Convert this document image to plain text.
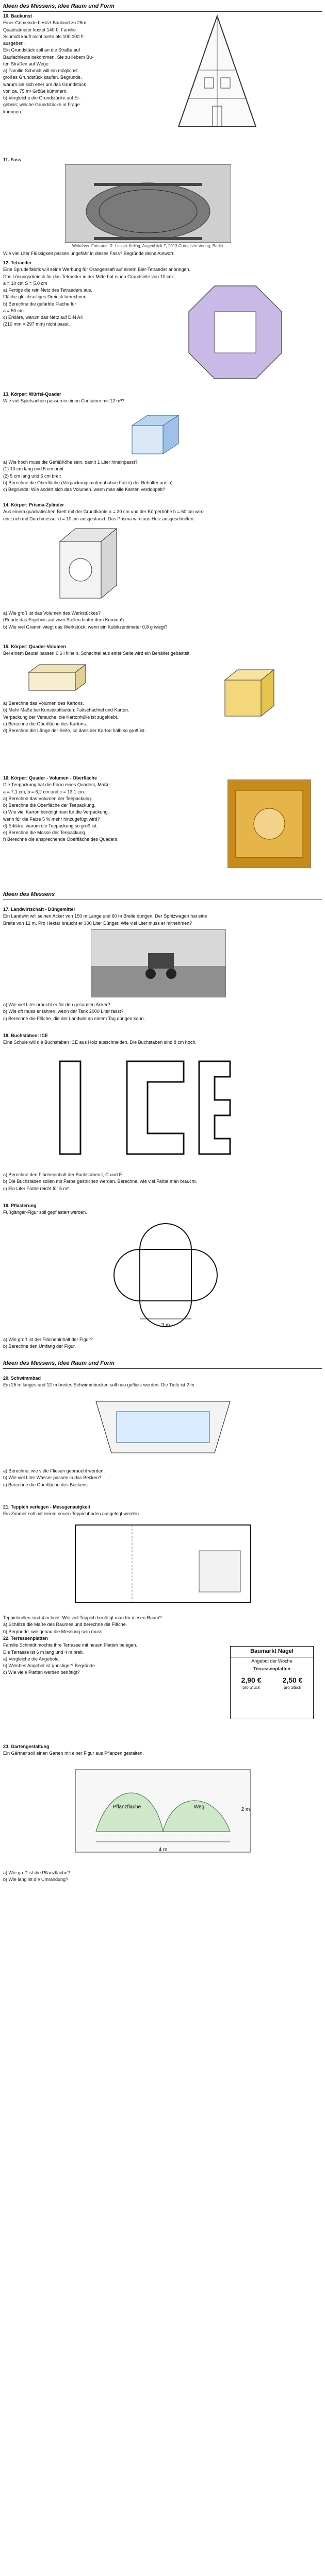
Ideen des Messens, Idee Raum und Form
10. Baukunst
Einer Gemeinde besitzt Bauland zu 25m
Quadratmeter kostet 140 €. Familie
Schmidt kauft nicht mehr als 100 000 €
ausgeben.
Ein Grundstück soll an die Straße auf
Baufachleute bekommen. Sie zu liebem Bu-
ten Straßen auf Wege.
a) Familie Schmidt will ein möglichst
großes Grundstück kaufen. Begründe,
warum sie sich eher um das Grundstück
von ca. 75 m² Größe kümmern.
b) Vergleiche die Grundstücke auf Er-
gebnis; welche Grundstücke in Frage
kommen.
11. Fass
Weinfass. Foto aus: R. Lesser-Kellog, Augenblick 7, 2013 Cornelsen Verlag, Berlin
Wie viel Liter Flüssigkeit passen ungefähr in dieses Fass? Begründe deine Antwort.
12. Tetraeder
Eine Sprudelfabrik will seine Werbung für Orangensaft auf einem Bier-Tetraeder anbringen.
Das Lösungsdreieck für das Tetraeder in der Mitte hat einen Grundseite von 10 cm:
a = 10 cm S = 5,0 cm
a) Fertige die rein Netz des Tetraeders aus,
Fläche gleichseitiges Dreieck berechnen.
b) Berechne die gefärbte Fläche für
a = 50 cm.
c) Erkläre, warum das Netz auf DIN A4
(210 mm × 297 mm) nicht passt.
13. Körper: Würfel-Quader
Wie viel Spielsachen passen in einen Container mit 12 m³?
a) Wie hoch muss die Gefäßhöhe sein, damit 1 Liter hineinpasst?
(1) 10 cm lang und 5 cm breit
(2) 5 cm lang und 5 cm breit
b) Berechne die Oberfläche (Verpackungsmaterial ohne Falze) der Behälter aus a).
c) Begründe: Wie ändert sich das Volumen, wenn man alle Kanten verdoppelt?
14. Körper: Prisma-Zylinder
Aus einem quadratischen Brett mit der Grundkante a = 20 cm und der Körperhöhe h = 60 cm wird
ein Loch mit Durchmesser d = 10 cm ausgestanzt. Das Prisma wird aus Holz ausgeschnitten.
a) Wie groß ist das Volumen des Werkstückes?
(Runde das Ergebnis auf zwei Stellen hinter dem Komma!)
b) Wie viel Gramm wiegt das Werkstück, wenn ein Kubikzentimeter 0,8 g wiegt?
15. Körper: Quader-Volumen
Bei einem Beutel passen 0,6 l hinein. Schachtel aus einer Seite wird ein Behälter gebastelt.
a) Berechne das Volumen des Kartons.
b) Mehr Maße bei Kunststoffseiten: Faltschachtel und Karton.
Verpackung der Versuche, die Kartonhülle ist zugeklebt.
c) Berechne die Oberfläche des Kartons.
d) Berechne die Länge der Seite, so dass der Karton halb so groß ist.
16. Körper: Quader - Volumen - Oberfläche
Die Teepackung hat die Form eines Quaders, Maße:
a = 7,1 cm, b = 6,2 cm und c = 13,1 cm.
a) Berechne das Volumen der Teepackung.
b) Berechne die Oberfläche der Teepackung.
c) Wie viel Karton benötigt man für die Verpackung,
wenn für die Falze 5 % mehr hinzugefügt wird?
d) Erkläre, warum die Teepackung so groß ist.
e) Berechne die Masse der Teepackung.
f) Berechne die ansprechende Oberfläche des Quaders.
Ideen des Messens
17. Landwirtschaft - Düngemittel
Ein Landwirt will seinen Acker von 150 m Länge und 60 m Breite düngen. Der Spritzwagen hat eine
Breite von 12 m. Pro Hektar braucht er 300 Liter Dünger. Wie viel Liter muss er mitnehmen?
a) Wie viel Liter braucht er für den gesamten Acker?
b) Wie oft muss er fahren, wenn der Tank 2000 Liter fasst?
c) Berechne die Fläche, die der Landwirt an einem Tag düngen kann.
18. Buchstaben: ICE
Eine Schule will die Buchstaben ICE aus Holz ausschneiden. Die Buchstaben sind 8 cm hoch.
a) Berechne den Flächeninhalt der Buchstaben I, C und E.
b) Die Buchstaben sollen mit Farbe gestrichen werden. Berechne, wie viel Farbe man braucht.
c) Ein Liter Farbe reicht für 5 m².
19. Pflasterung
Fußgänger-Figur soll gepflastert werden.
3 m
a) Wie groß ist der Flächeninhalt der Figur?
b) Berechne den Umfang der Figur.
Ideen des Messens, Idee Raum und Form
20. Schwimmbad
Ein 25 m langes und 12 m breites Schwimmbecken soll neu gefliest werden. Die Tiefe ist 2 m.
a) Berechne, wie viele Fliesen gebraucht werden.
b) Wie viel Liter Wasser passen in das Becken?
c) Berechne die Oberfläche des Beckens.
21. Teppich verlegen - Messgenauigkeit
Ein Zimmer soll mit einem neuen Teppichboden ausgelegt werden.
Teppichrollen sind 4 m breit. Wie viel Teppich benötigt man für diesen Raum?
a) Schätze die Maße des Raumes und berechne die Fläche.
b) Begründe, wie genau die Messung sein muss.
22. Terrassenplatten
Familie Schmidt möchte ihre Terrasse mit neuen Platten belegen.
Die Terrasse ist 6 m lang und 4 m breit.
a) Vergleiche die Angebote.
b) Welches Angebot ist günstiger? Begründe.
c) Wie viele Platten werden benötigt?
Baumarkt Nagel
Angebot der Woche
Terrassenplatten
2,90 €
pro Stück
2,50 €
pro Stück
23. Gartengestaltung
Ein Gärtner soll einen Garten mit einer Figur aus Pflanzen gestalten.
4 m
Pflanzfläche	Weg	2 m
a) Wie groß ist die Pflanzfläche?
b) Wie lang ist die Umrandung?
